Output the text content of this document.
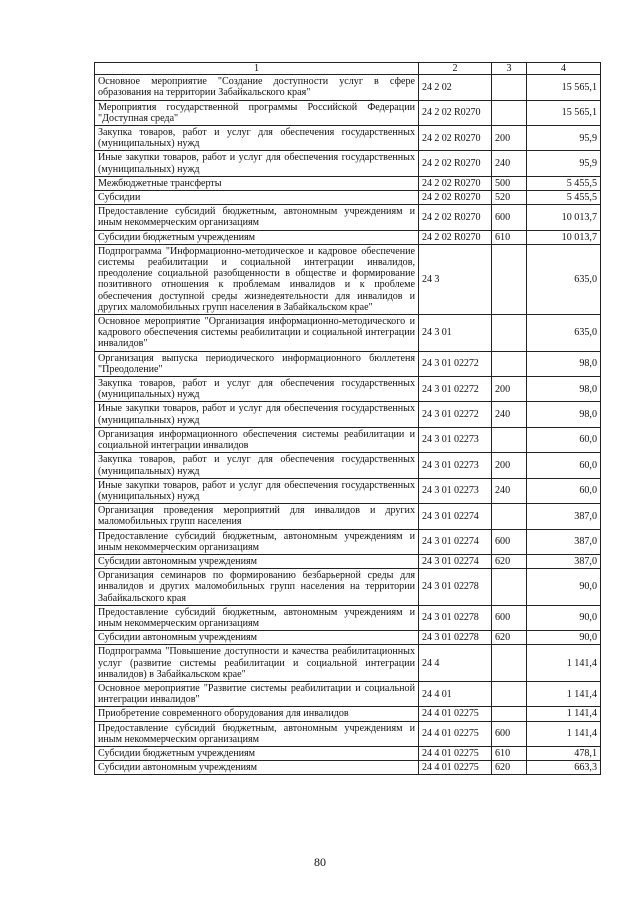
1	2	3	4
Основное мероприятие "Создание доступности услуг в сфере образования на территории Забайкальского края"	24 2 02		15 565,1
Мероприятия государственной программы Российской Федерации "Доступная среда"	24 2 02 R0270		15 565,1
Закупка товаров, работ и услуг для обеспечения государственных (муниципальных) нужд	24 2 02 R0270	200	95,9
Иные закупки товаров, работ и услуг для обеспечения государственных (муниципальных) нужд	24 2 02 R0270	240	95,9
Межбюджетные трансферты	24 2 02 R0270	500	5 455,5
Субсидии	24 2 02 R0270	520	5 455,5
Предоставление субсидий бюджетным, автономным учреждениям и иным некоммерческим организациям	24 2 02 R0270	600	10 013,7
Субсидии бюджетным учреждениям	24 2 02 R0270	610	10 013,7
Подпрограмма "Информационно-методическое и кадровое обеспечение системы реабилитации и социальной интеграции инвалидов, преодоление социальной разобщенности в обществе и формирование позитивного отношения к проблемам инвалидов и к проблеме обеспечения доступной среды жизнедеятельности для инвалидов и других маломобильных групп населения в Забайкальском крае"	24 3		635,0
Основное мероприятие "Организация информационно-методического и кадрового обеспечения системы реабилитации и социальной интеграции инвалидов"	24 3 01		635,0
Организация выпуска периодического информационного бюллетеня "Преодоление"	24 3 01 02272		98,0
Закупка товаров, работ и услуг для обеспечения государственных (муниципальных) нужд	24 3 01 02272	200	98,0
Иные закупки товаров, работ и услуг для обеспечения государственных (муниципальных) нужд	24 3 01 02272	240	98,0
Организация информационного обеспечения системы реабилитации и социальной интеграции инвалидов	24 3 01 02273		60,0
Закупка товаров, работ и услуг для обеспечения государственных (муниципальных) нужд	24 3 01 02273	200	60,0
Иные закупки товаров, работ и услуг для обеспечения государственных (муниципальных) нужд	24 3 01 02273	240	60,0
Организация проведения мероприятий для инвалидов и других маломобильных групп населения	24 3 01 02274		387,0
Предоставление субсидий бюджетным, автономным учреждениям и иным некоммерческим организациям	24 3 01 02274	600	387,0
Субсидии автономным учреждениям	24 3 01 02274	620	387,0
Организация семинаров по формированию безбарьерной среды для инвалидов и других маломобильных групп населения на территории Забайкальского края	24 3 01 02278		90,0
Предоставление субсидий бюджетным, автономным учреждениям и иным некоммерческим организациям	24 3 01 02278	600	90,0
Субсидии автономным учреждениям	24 3 01 02278	620	90,0
Подпрограмма "Повышение доступности и качества реабилитационных услуг (развитие системы реабилитации и социальной интеграции инвалидов) в Забайкальском крае"	24 4		1 141,4
Основное мероприятие "Развитие системы реабилитации и социальной интеграции инвалидов"	24 4 01		1 141,4
Приобретение современного оборудования для инвалидов	24 4 01 02275		1 141,4
Предоставление субсидий бюджетным, автономным учреждениям и иным некоммерческим организациям	24 4 01 02275	600	1 141,4
Субсидии бюджетным учреждениям	24 4 01 02275	610	478,1
Субсидии автономным учреждениям	24 4 01 02275	620	663,3
80
